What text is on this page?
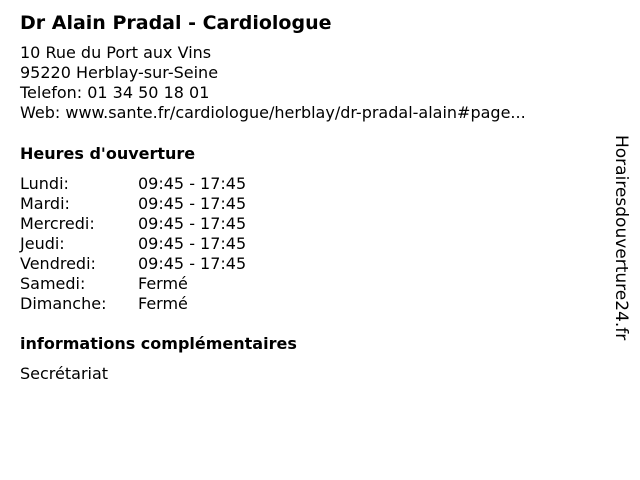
Dr Alain Pradal - Cardiologue
10 Rue du Port aux Vins
95220 Herblay-sur-Seine
Telefon: 01 34 50 18 01
Web: www.sante.fr/cardiologue/herblay/dr-pradal-alain#page...
Heures d'ouverture
Lundi:	09:45 - 17:45
Mardi:	09:45 - 17:45
Mercredi:	09:45 - 17:45
Jeudi:	09:45 - 17:45
Vendredi:	09:45 - 17:45
Samedi:	Fermé
Dimanche: Fermé
informations complémentaires
Secrétariat
Horairesdouverture24.fr
